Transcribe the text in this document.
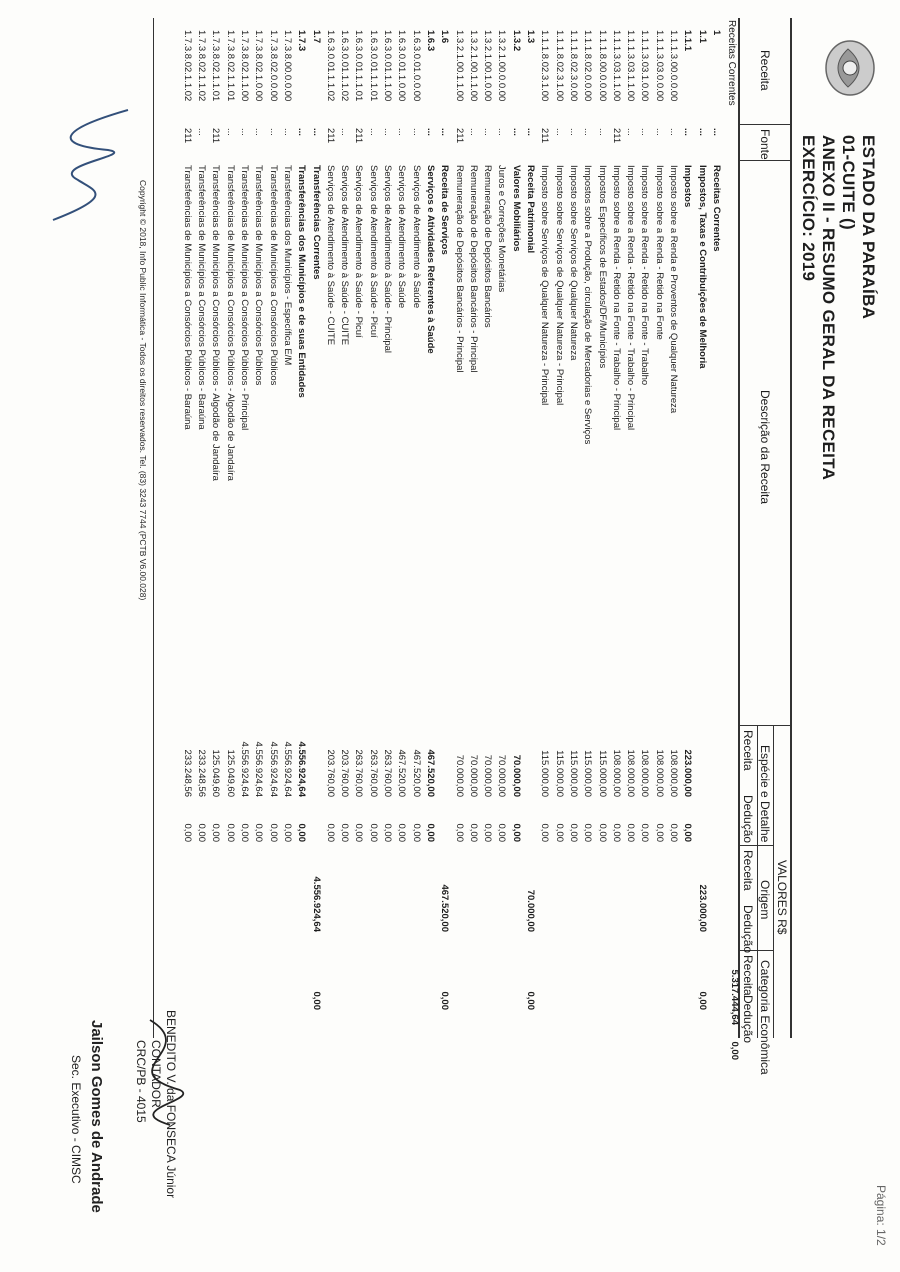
ESTADO DA PARAÍBA
01-CUITE ()
ANEXO II - RESUMO GERAL DA RECEITA
EXERCÍCIO: 2019
Página: 1/2
Receita
Fonte
Descrição da Receita
VALORES R$
Espécie e Detalhe
Origem
Categoria Econômica
Receita
Dedução
Receita
Dedução
Receita
Dedução
Receitas Correntes
1
...
Receitas Correntes
1.1
...
Impostos, Taxas e Contribuições de Melhoria
223.000,00
0,00
1.1.1
...
Impostos
223.000,00
0,00
1.1.1.3.00.0.0.00
...
Imposto sobre a Renda e Proventos de Qualquer Natureza
108.000,00
0,00
1.1.1.3.03.0.0.00
...
Imposto sobre a Renda - Retido na Fonte
108.000,00
0,00
1.1.1.3.03.1.0.00
...
Imposto sobre a Renda - Retido na Fonte - Trabalho
108.000,00
0,00
1.1.1.3.03.1.1.00
...
Imposto sobre a Renda - Retido na Fonte - Trabalho - Principal
108.000,00
0,00
1.1.1.3.03.1.1.00
211
Imposto sobre a Renda - Retido na Fonte - Trabalho - Principal
108.000,00
0,00
1.1.1.8.00.0.0.00
...
Impostos Específicos de Estados/DF/Municípios
115.000,00
0,00
1.1.1.8.02.0.0.00
...
Impostos sobre a Produção, circulação de Mercadorias e Serviços
115.000,00
0,00
1.1.1.8.02.3.0.00
...
Imposto sobre Serviços de Qualquer Natureza
115.000,00
0,00
1.1.1.8.02.3.1.00
...
Imposto sobre Serviços de Qualquer Natureza - Principal
115.000,00
0,00
1.1.1.8.02.3.1.00
211
Imposto sobre Serviços de Qualquer Natureza - Principal
115.000,00
0,00
1.3
...
Receita Patrimonial
70.000,00
0,00
1.3.2
...
Valores Mobiliários
70.000,00
0,00
1.3.2.1.00.0.0.00
...
Juros e Correções Monetárias
70.000,00
0,00
1.3.2.1.00.1.0.00
...
Remuneração de Depósitos Bancários
70.000,00
0,00
1.3.2.1.00.1.1.00
...
Remuneração de Depósitos Bancários - Principal
70.000,00
0,00
1.3.2.1.00.1.1.00
211
Remuneração de Depósitos Bancários - Principal
70.000,00
0,00
1.6
...
Receita de Serviços
467.520,00
0,00
1.6.3
...
Serviços e Atividades Referentes à Saúde
467.520,00
0,00
1.6.3.0.01.0.0.00
...
Serviços de Atendimento à Saúde
467.520,00
0,00
1.6.3.0.01.1.0.00
...
Serviços de Atendimento à Saúde
467.520,00
0,00
1.6.3.0.01.1.1.00
...
Serviços de Atendimento à Saúde - Principal
263.760,00
0,00
1.6.3.0.01.1.1.01
...
Serviços de Atendimento à Saúde - Picuí
263.760,00
0,00
1.6.3.0.01.1.1.01
211
Serviços de Atendimento à Saúde - Picuí
263.760,00
0,00
1.6.3.0.01.1.1.02
...
Serviços de Atendimento à Saúde - CUITE
203.760,00
0,00
1.6.3.0.01.1.1.02
211
Serviços de Atendimento à Saúde - CUITE
203.760,00
0,00
1.7
...
Transferências Correntes
4.556.924,64
0,00
1.7.3
...
Transferências dos Municípios e de suas Entidades
4.556.924,64
0,00
1.7.3.8.00.0.0.00
...
Transferências dos Municípios - Específica E/M
4.556.924,64
0,00
1.7.3.8.02.0.0.00
...
Transferências de Municípios a Consórcios Públicos
4.556.924,64
0,00
1.7.3.8.02.1.0.00
...
Transferências de Municípios a Consórcios Públicos
4.556.924,64
0,00
1.7.3.8.02.1.1.00
...
Transferências de Municípios a Consórcios Públicos - Principal
4.556.924,64
0,00
1.7.3.8.02.1.1.01
...
Transferências de Municípios a Consórcios Públicos - Algodão de Jandaíra
125.049,60
0,00
1.7.3.8.02.1.1.01
211
Transferências de Municípios a Consórcios Públicos - Algodão de Jandaíra
125.049,60
0,00
1.7.3.8.02.1.1.02
...
Transferências de Municípios a Consórcios Públicos - Baraúna
233.248,56
0,00
1.7.3.8.02.1.1.02
211
Transferências de Municípios a Consórcios Públicos - Baraúna
233.248,56
0,00
5.317.444,64
0,00
Copyright © 2018, Info Public Informática - Todos os direitos reservados. Tel. (83) 3243 7744 (PCTB V6.00.028)
BENEDITO V. da FONSECA Júnior
CONTADOR
CRC/PB - 4015
Jailson Gomes de Andrade
Sec. Executivo - CIMSC
